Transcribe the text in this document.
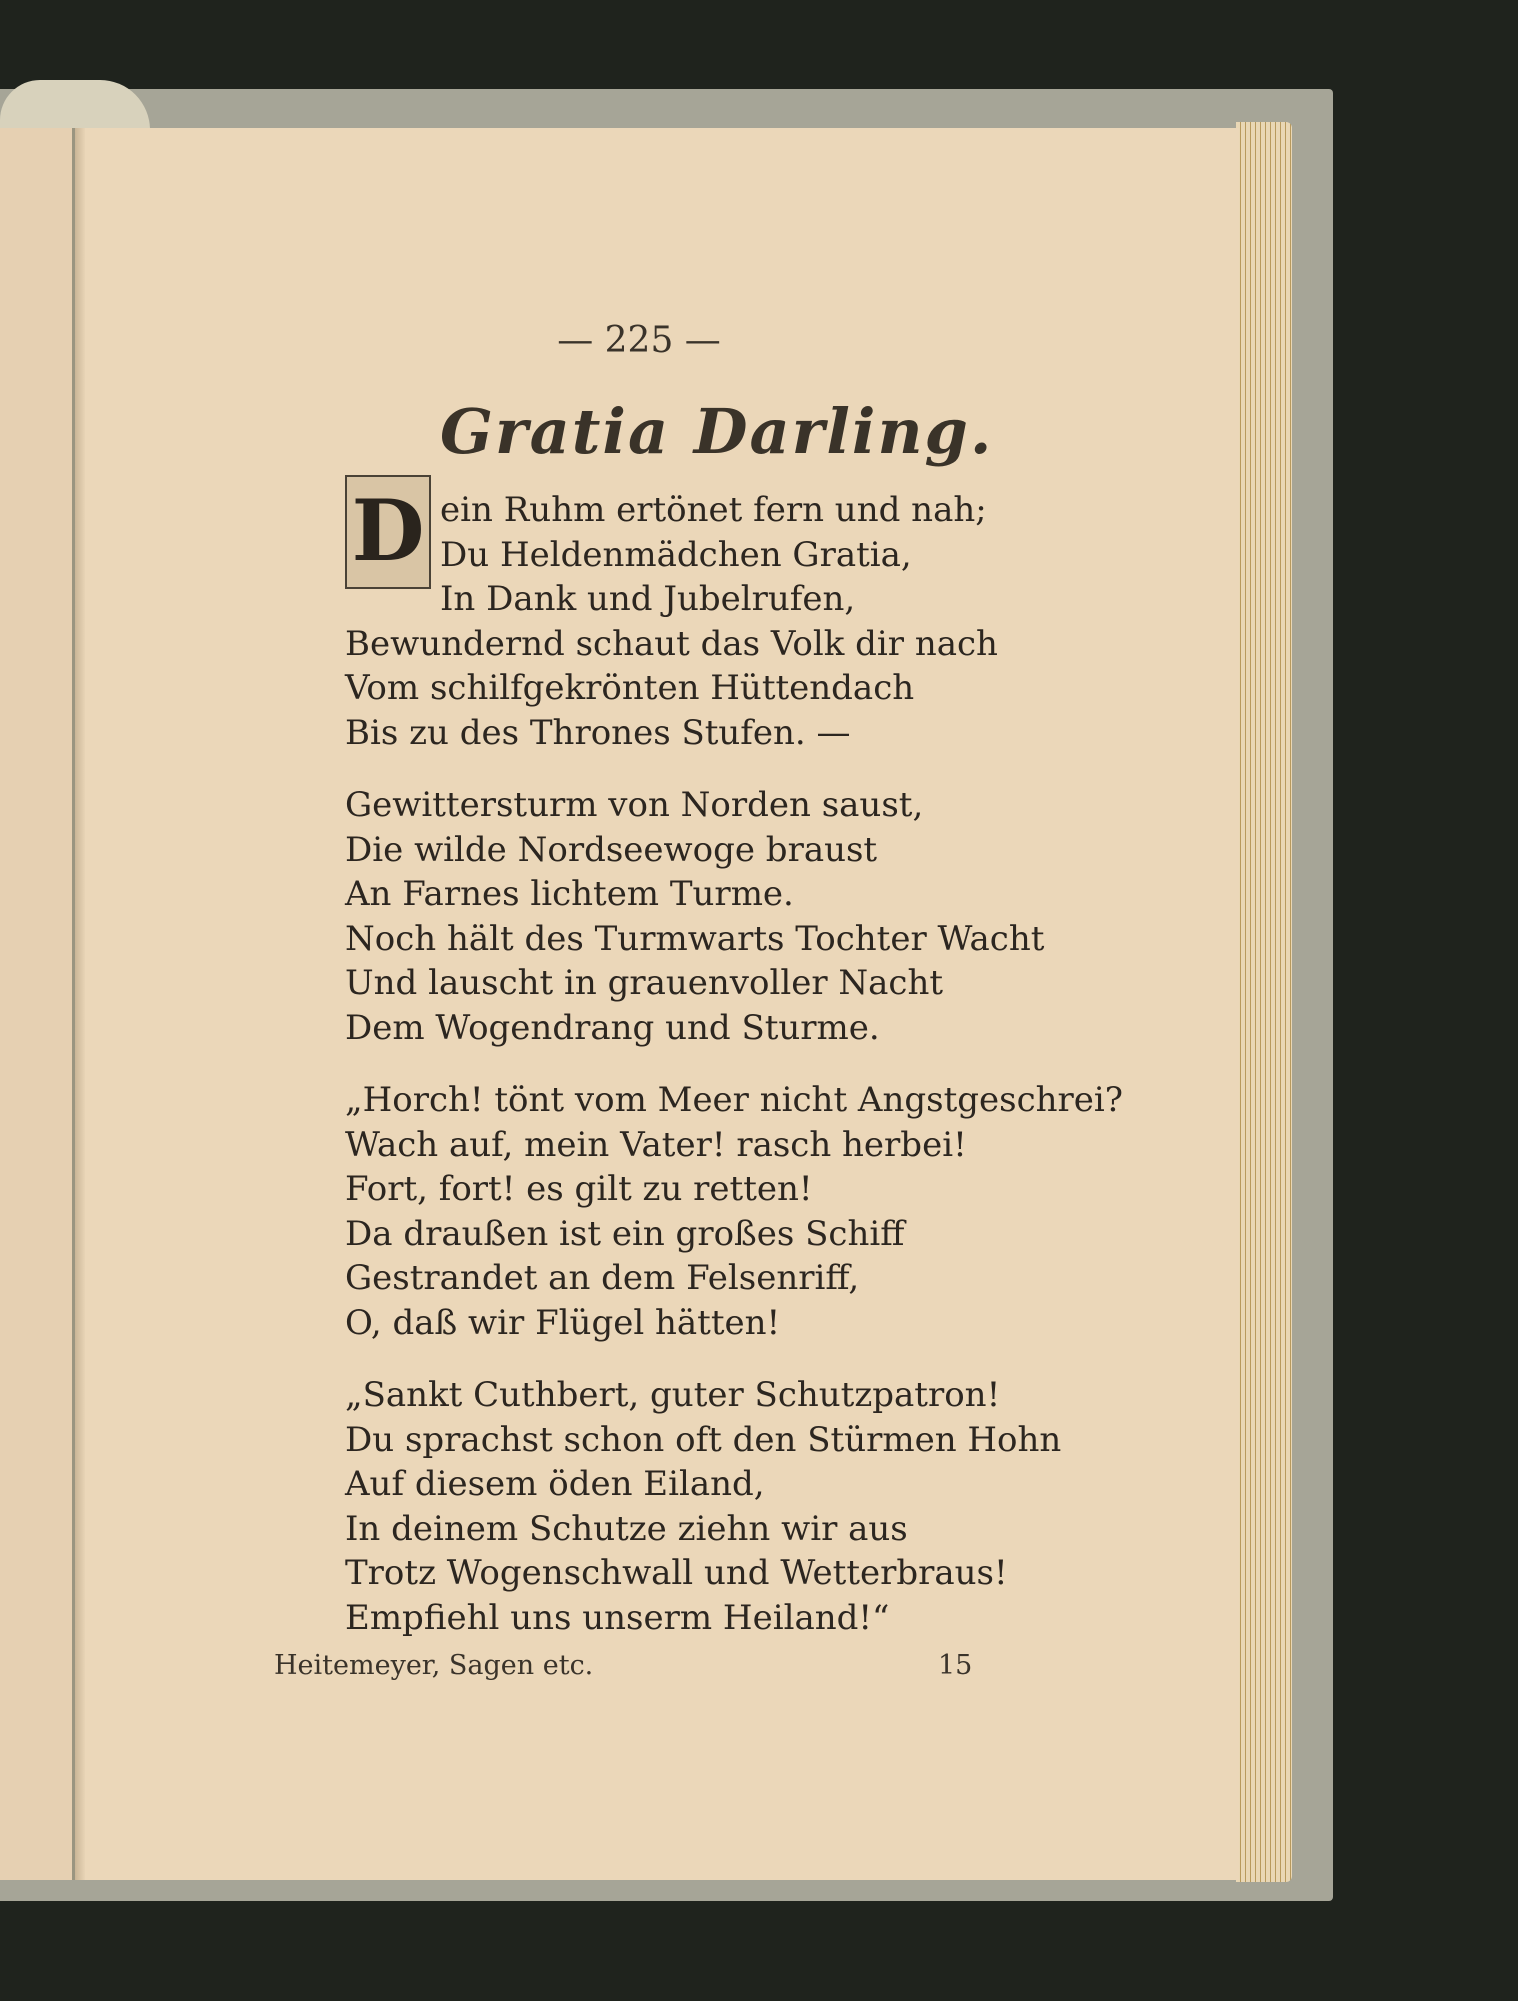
— 225 —
Gratia Darling.
D ein Ruhm ertönet fern und nah;
Du Heldenmädchen Gratia,
In Dank und Jubelrufen,
Bewundernd schaut das Volk dir nach
Vom schilfgekrönten Hüttendach
Bis zu des Thrones Stufen. —
Gewittersturm von Norden saust,
Die wilde Nordseewoge braust
An Farnes lichtem Turme.
Noch hält des Turmwarts Tochter Wacht
Und lauscht in grauenvoller Nacht
Dem Wogendrang und Sturme.
„Horch! tönt vom Meer nicht Angstgeschrei?
Wach auf, mein Vater! rasch herbei!
Fort, fort! es gilt zu retten!
Da draußen ist ein großes Schiff
Gestrandet an dem Felsenriff,
O, daß wir Flügel hätten!
„Sankt Cuthbert, guter Schutzpatron!
Du sprachst schon oft den Stürmen Hohn
Auf diesem öden Eiland,
In deinem Schutze ziehn wir aus
Trotz Wogenschwall und Wetterbraus!
Empfiehl uns unserm Heiland!“
Heitemeyer, Sagen etc.	15
